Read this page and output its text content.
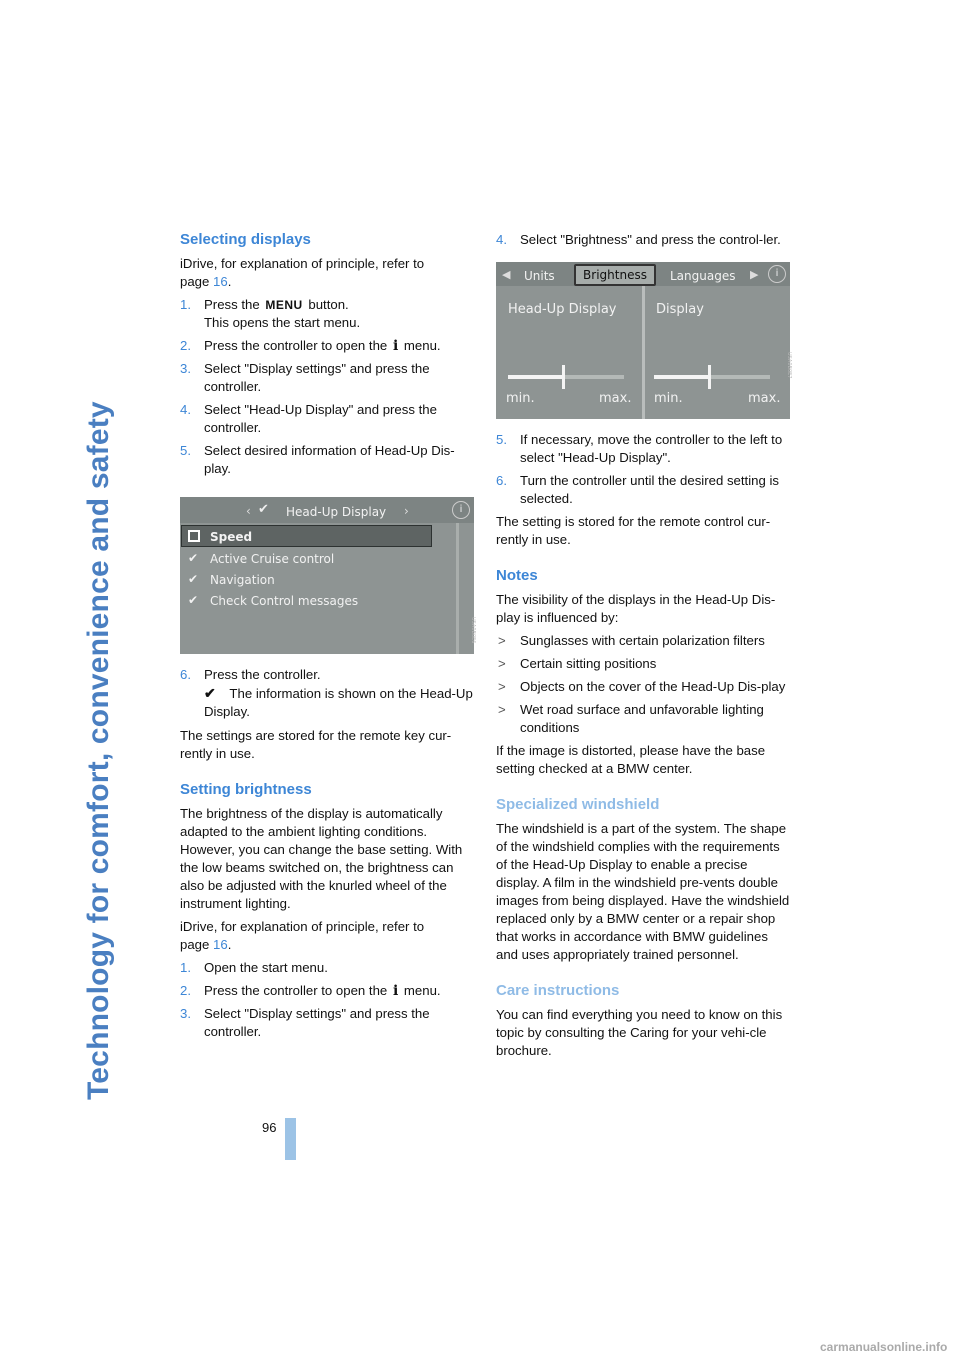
Technology for comfort, convenience and safety
96
Selecting displays

iDrive, for explanation of principle, refer to
page 16.

1. Press the MENU button.
This opens the start menu.
2. Press the controller to open the i menu.
3. Select "Display settings" and press the controller.
4. Select "Head-Up Display" and press the controller.
5. Select desired information of Head-Up Dis-play.
‹ ✔ Head-Up Display ›	i
Speed
✔ Active Cruise control
✔ Navigation
✔ Check Control messages
USA0B0E6
6. Press the controller.
✔ The information is shown on the Head-Up Display.

The settings are stored for the remote key cur-rently in use.

Setting brightness

The brightness of the display is automatically adapted to the ambient lighting conditions. However, you can change the base setting. With the low beams switched on, the brightness can also be adjusted with the knurled wheel of the instrument lighting.

iDrive, for explanation of principle, refer to
page 16.

1. Open the start menu.
2. Press the controller to open the i menu.
3. Select "Display settings" and press the controller.
4. Select "Brightness" and press the control-ler.
◀ Units	Brightness	Languages ▶	i
Head-Up Display	Display
min.	max. min.	max.
USA0B0E7
5. If necessary, move the controller to the left to select "Head-Up Display".
6. Turn the controller until the desired setting is selected.

The setting is stored for the remote control cur-rently in use.

Notes

The visibility of the displays in the Head-Up Dis-play is influenced by:

> Sunglasses with certain polarization filters
> Certain sitting positions
> Objects on the cover of the Head-Up Dis-play
> Wet road surface and unfavorable lighting conditions

If the image is distorted, please have the base setting checked at a BMW center.

Specialized windshield

The windshield is a part of the system. The shape of the windshield complies with the requirements of the Head-Up Display to enable a precise display. A film in the windshield pre-vents double images from being displayed. Have the windshield replaced only by a BMW center or a repair shop that works in accordance with BMW guidelines and uses appropriately trained personnel.

Care instructions

You can find everything you need to know on this topic by consulting the Caring for your vehi-cle brochure.

carmanualsonline.info
